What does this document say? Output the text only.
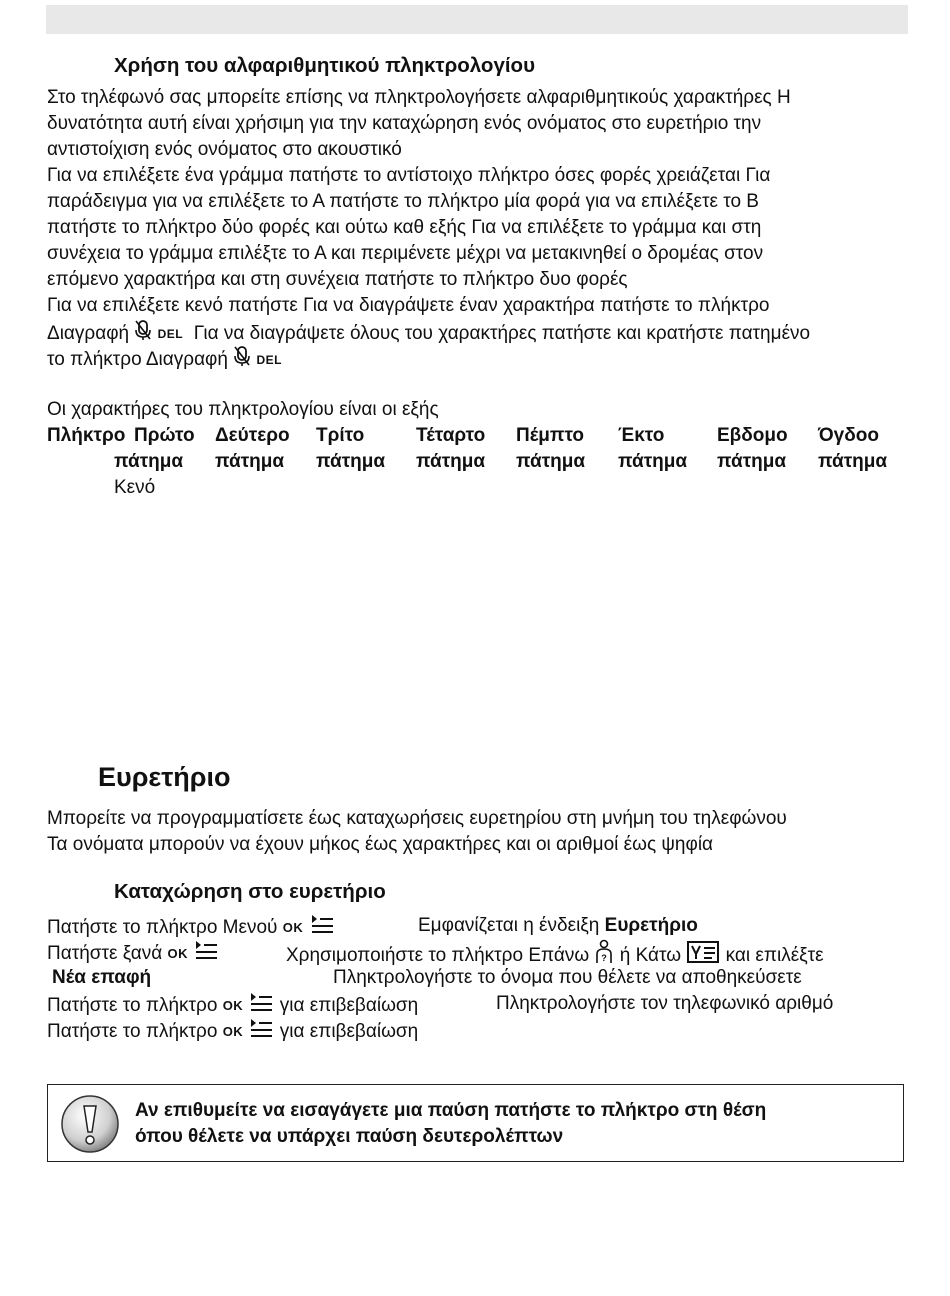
Χρήση του αλφαριθμητικού πληκτρολογίου
Στο τηλέφωνό σας μπορείτε επίσης να πληκτρολογήσετε αλφαριθμητικούς χαρακτήρες Η
δυνατότητα αυτή είναι χρήσιμη για την καταχώρηση ενός ονόματος στο ευρετήριο την
αντιστοίχιση ενός ονόματος στο ακουστικό
Για να επιλέξετε ένα γράμμα πατήστε το αντίστοιχο πλήκτρο όσες φορές χρειάζεται Για
παράδειγμα για να επιλέξετε το Α πατήστε το πλήκτρο μία φορά για να επιλέξετε το Β
πατήστε το πλήκτρο δύο φορές και ούτω καθ εξής Για να επιλέξετε το γράμμα και στη
συνέχεια το γράμμα επιλέξτε το Α και περιμένετε μέχρι να μετακινηθεί ο δρομέας στον
επόμενο χαρακτήρα και στη συνέχεια πατήστε το πλήκτρο δυο φορές
Για να επιλέξετε κενό πατήστε Για να διαγράψετε έναν χαρακτήρα πατήστε το πλήκτρο
Διαγραφή DEL Για να διαγράψετε όλους του χαρακτήρες πατήστε και κρατήστε πατημένο
το πλήκτρο Διαγραφή DEL
Οι χαρακτήρες του πληκτρολογίου είναι οι εξής
Πλήκτρο Πρώτο Δεύτερο Τρίτο	Τέταρτο Πέμπτο Έκτο	Εβδομο Όγδοο
πάτημα πάτημα πάτημα πάτημα πάτημα πάτημα πάτημα πάτημα
Κενό
Ευρετήριο
Μπορείτε να προγραμματίσετε έως καταχωρήσεις ευρετηρίου στη μνήμη του τηλεφώνου
Τα ονόματα μπορούν να έχουν μήκος έως χαρακτήρες και οι αριθμοί έως ψηφία
Καταχώρηση στο ευρετήριο
Πατήστε το πλήκτρο Μενού OK	Εμφανίζεται η ένδειξη Ευρετήριο
Πατήστε ξανά OK	Χρησιμοποιήστε το πλήκτρο Επάνω ? ή Κάτω και επιλέξτε
Νέα επαφή	Πληκτρολογήστε το όνομα που θέλετε να αποθηκεύσετε
Πατήστε το πλήκτρο OK για επιβεβαίωση	Πληκτρολογήστε τον τηλεφωνικό αριθμό
Πατήστε το πλήκτρο OK για επιβεβαίωση
Αν επιθυμείτε να εισαγάγετε μια παύση πατήστε το πλήκτρο στη θέση
όπου θέλετε να υπάρχει παύση δευτερολέπτων
